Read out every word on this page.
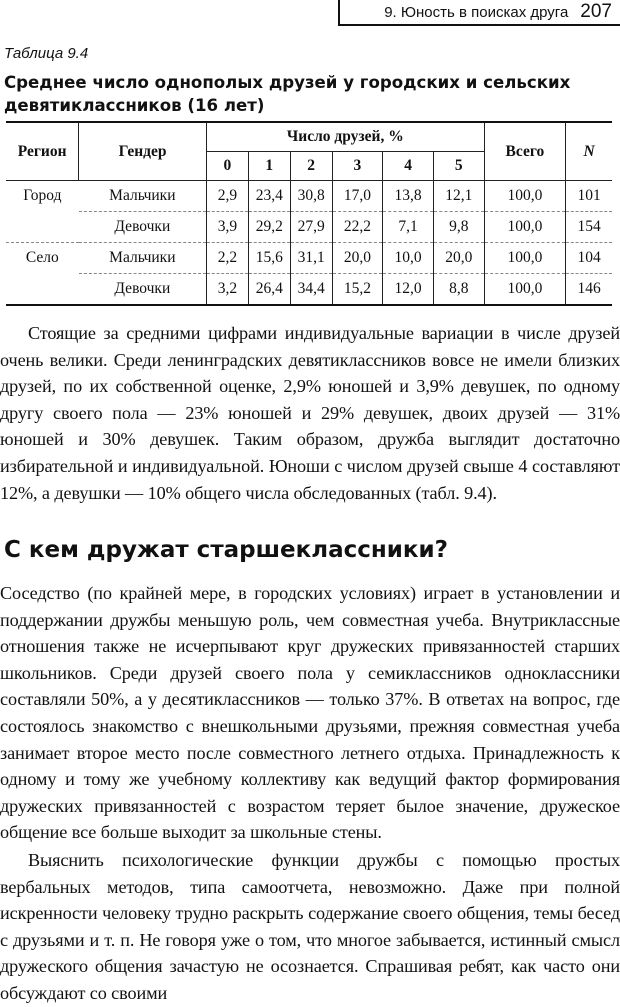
9. Юность в поисках друга 207
Таблица 9.4

Среднее число однополых друзей у городских и сельских девятиклассников (16 лет)

Регион	Гендер	Число друзей, %						Всего	N
		0	1	2	3	4	5		
Город	Мальчики	2,9	23,4	30,8	17,0	13,8	12,1	100,0	101
	Девочки	3,9	29,2	27,9	22,2	7,1	9,8	100,0	154
Село	Мальчики	2,2	15,6	31,1	20,0	10,0	20,0	100,0	104
	Девочки	3,2	26,4	34,4	15,2	12,0	8,8	100,0	146

Стоящие за средними цифрами индивидуальные вариации в числе друзей очень велики. Среди ленинградских девятиклассников вовсе не имели близких друзей, по их собственной оценке, 2,9% юношей и 3,9% девушек, по одному другу своего пола — 23% юношей и 29% девушек, двоих друзей — 31% юношей и 30% девушек. Таким образом, дружба выглядит достаточно избирательной и индивидуальной. Юноши с числом друзей свыше 4 составляют 12%, а девушки — 10% общего числа обследованных (табл. 9.4).

С кем дружат старшеклассники?

Соседство (по крайней мере, в городских условиях) играет в установлении и поддержании дружбы меньшую роль, чем совместная учеба. Внутриклассные отношения также не исчерпывают круг дружеских привязанностей старших школьников. Среди друзей своего пола у семиклассников одноклассники составляли 50%, а у десятиклассников — только 37%. В ответах на вопрос, где состоялось знакомство с внешкольными друзьями, прежняя совместная учеба занимает второе место после совместного летнего отдыха. Принадлежность к одному и тому же учебному коллективу как ведущий фактор формирования дружеских привязанностей с возрастом теряет былое значение, дружеское общение все больше выходит за школьные стены.

Выяснить психологические функции дружбы с помощью простых вербальных методов, типа самоотчета, невозможно. Даже при полной искренности человеку трудно раскрыть содержание своего общения, темы бесед с друзьями и т. п. Не говоря уже о том, что многое забывается, истинный смысл дружеского общения зачастую не осознается. Спрашивая ребят, как часто они обсуждают со своими
